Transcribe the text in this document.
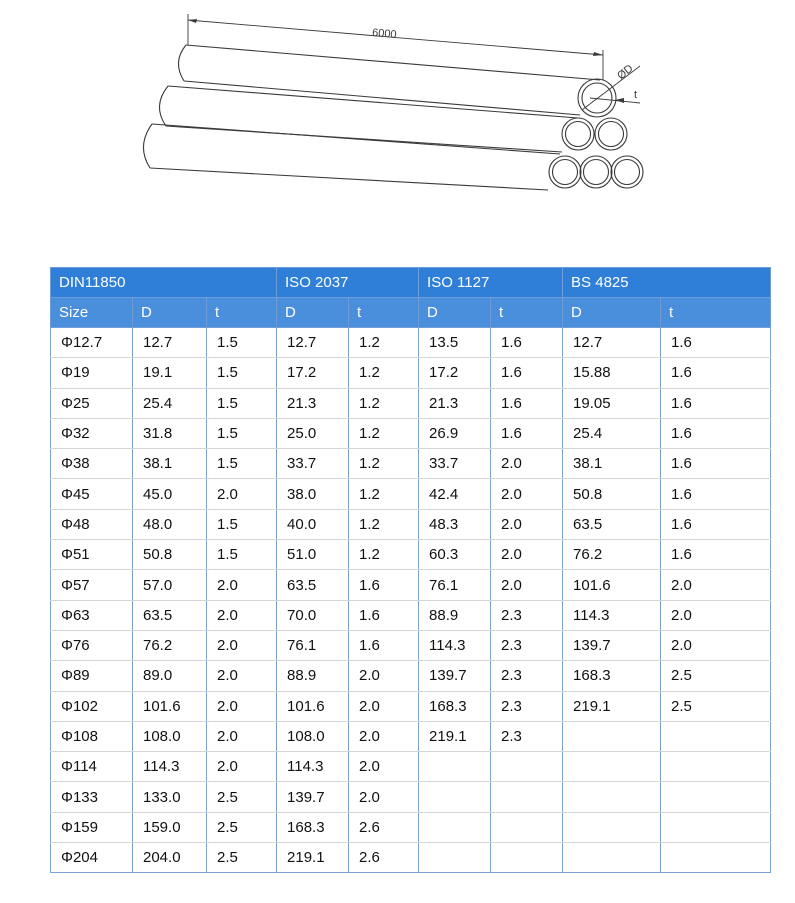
6000
ØD
t
DIN11850			ISO 2037		ISO 1127		BS 4825	
Size	D	t	D	t	D	t	D	t
Φ12.7	12.7	1.5	12.7	1.2	13.5	1.6	12.7	1.6
Φ19	19.1	1.5	17.2	1.2	17.2	1.6	15.88	1.6
Φ25	25.4	1.5	21.3	1.2	21.3	1.6	19.05	1.6
Φ32	31.8	1.5	25.0	1.2	26.9	1.6	25.4	1.6
Φ38	38.1	1.5	33.7	1.2	33.7	2.0	38.1	1.6
Φ45	45.0	2.0	38.0	1.2	42.4	2.0	50.8	1.6
Φ48	48.0	1.5	40.0	1.2	48.3	2.0	63.5	1.6
Φ51	50.8	1.5	51.0	1.2	60.3	2.0	76.2	1.6
Φ57	57.0	2.0	63.5	1.6	76.1	2.0	101.6	2.0
Φ63	63.5	2.0	70.0	1.6	88.9	2.3	114.3	2.0
Φ76	76.2	2.0	76.1	1.6	114.3	2.3	139.7	2.0
Φ89	89.0	2.0	88.9	2.0	139.7	2.3	168.3	2.5
Φ102	101.6	2.0	101.6	2.0	168.3	2.3	219.1	2.5
Φ108	108.0	2.0	108.0	2.0	219.1	2.3		
Φ114	114.3	2.0	114.3	2.0				
Φ133	133.0	2.5	139.7	2.0				
Φ159	159.0	2.5	168.3	2.6				
Φ204	204.0	2.5	219.1	2.6				
